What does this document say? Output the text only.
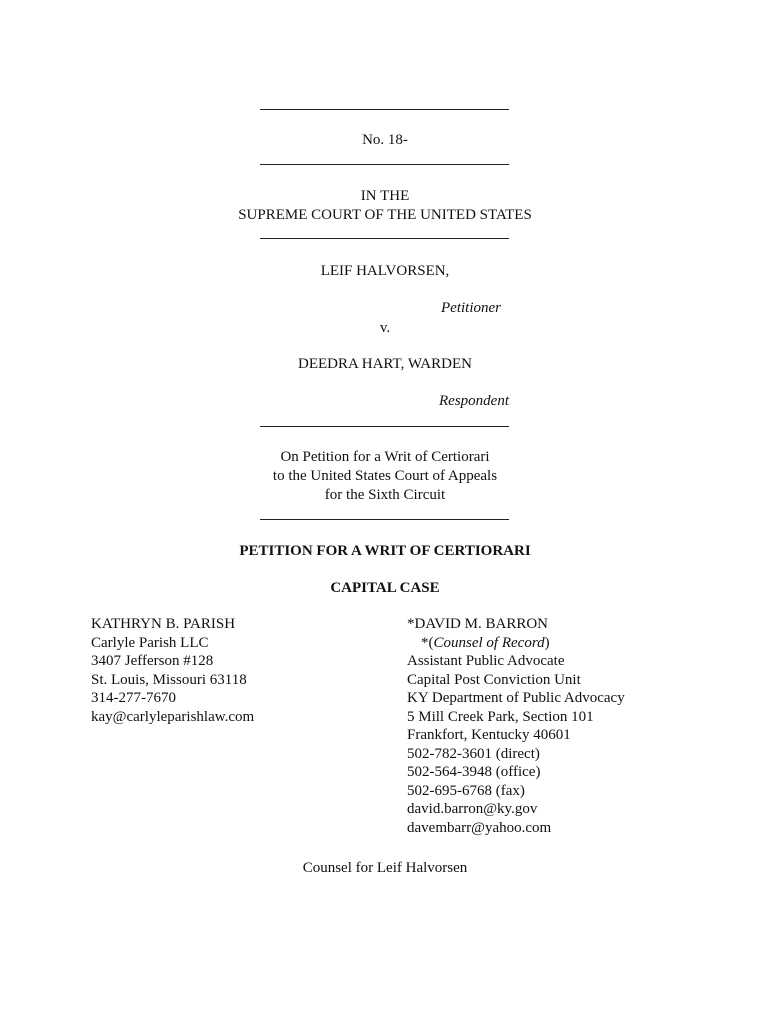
No. 18-
IN THE
SUPREME COURT OF THE UNITED STATES
LEIF HALVORSEN,
Petitioner
v.
DEEDRA HART, WARDEN
Respondent
On Petition for a Writ of Certiorari
to the United States Court of Appeals
for the Sixth Circuit
PETITION FOR A WRIT OF CERTIORARI
CAPITAL CASE
KATHRYN B. PARISH
Carlyle Parish LLC
3407 Jefferson #128
St. Louis, Missouri 63118
314-277-7670
kay@carlyleparishlaw.com
*DAVID M. BARRON
*(Counsel of Record)
Assistant Public Advocate
Capital Post Conviction Unit
KY Department of Public Advocacy
5 Mill Creek Park, Section 101
Frankfort, Kentucky 40601
502-782-3601 (direct)
502-564-3948 (office)
502-695-6768 (fax)
david.barron@ky.gov
davembarr@yahoo.com
Counsel for Leif Halvorsen
